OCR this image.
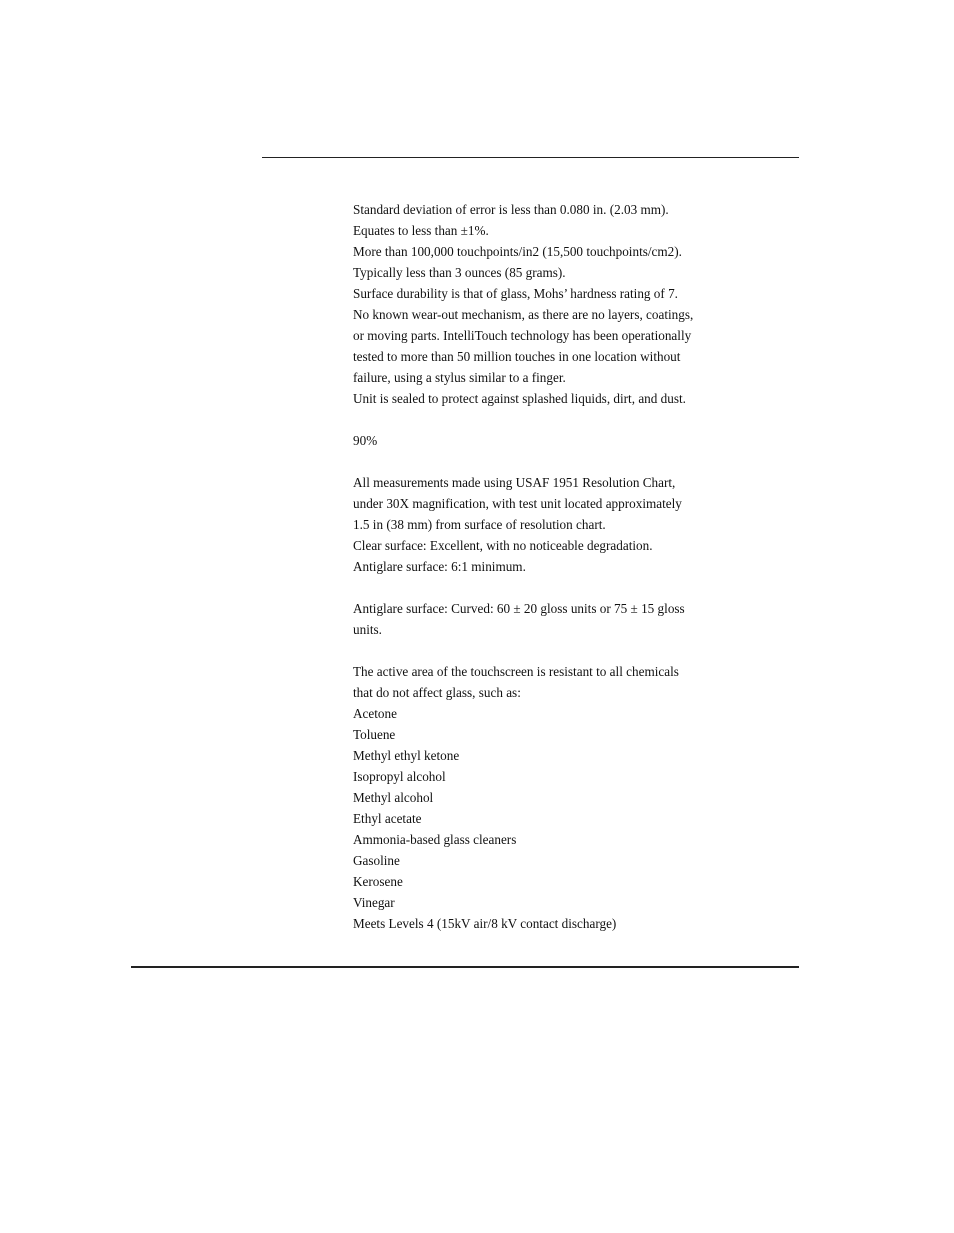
Standard deviation of error is less than 0.080 in. (2.03 mm).
Equates to less than ±1%.
More than 100,000 touchpoints/in2 (15,500 touchpoints/cm2).
Typically less than 3 ounces (85 grams).
Surface durability is that of glass, Mohs’ hardness rating of 7.
No known wear-out mechanism, as there are no layers, coatings,
or moving parts. IntelliTouch technology has been operationally
tested to more than 50 million touches in one location without
failure, using a stylus similar to a finger.
Unit is sealed to protect against splashed liquids, dirt, and dust.
90%
All measurements made using USAF 1951 Resolution Chart,
under 30X magnification, with test unit located approximately
1.5 in (38 mm) from surface of resolution chart.
Clear surface: Excellent, with no noticeable degradation.
Antiglare surface: 6:1 minimum.
Antiglare surface: Curved: 60 ± 20 gloss units or 75 ± 15 gloss
units.
The active area of the touchscreen is resistant to all chemicals
that do not affect glass, such as:
Acetone
Toluene
Methyl ethyl ketone
Isopropyl alcohol
Methyl alcohol
Ethyl acetate
Ammonia-based glass cleaners
Gasoline
Kerosene
Vinegar
Meets Levels 4 (15kV air/8 kV contact discharge)
